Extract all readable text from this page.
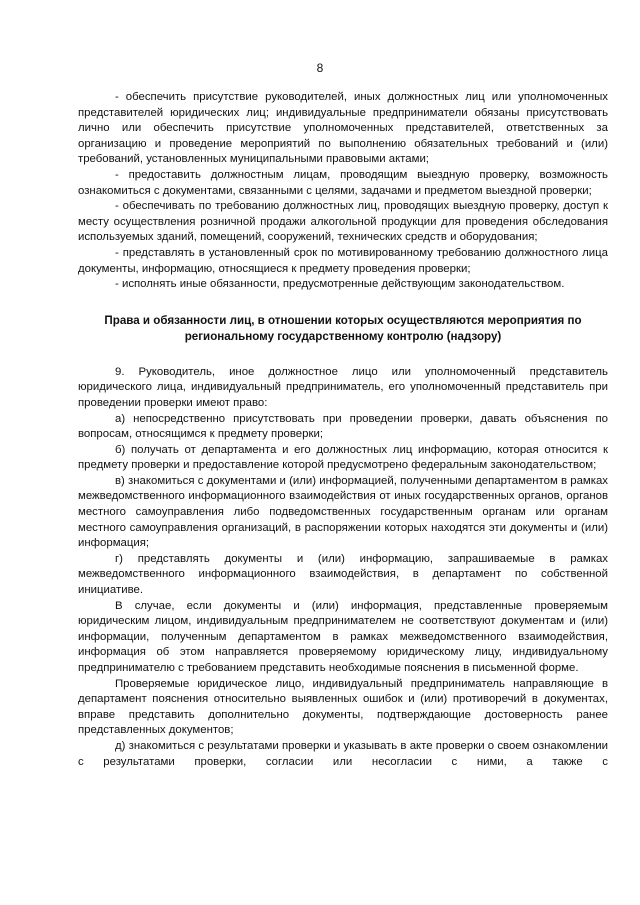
8

- обеспечить присутствие руководителей, иных должностных лиц или уполномоченных представителей юридических лиц; индивидуальные предприниматели обязаны присутствовать лично или обеспечить присутствие уполномоченных представителей, ответственных за организацию и проведение мероприятий по выполнению обязательных требований и (или) требований, установленных муниципальными правовыми актами;

- предоставить должностным лицам, проводящим выездную проверку, возможность ознакомиться с документами, связанными с целями, задачами и предметом выездной проверки;

- обеспечивать по требованию должностных лиц, проводящих выездную проверку, доступ к месту осуществления розничной продажи алкогольной продукции для проведения обследования используемых зданий, помещений, сооружений, технических средств и оборудования;

- представлять в установленный срок по мотивированному требованию должностного лица документы, информацию, относящиеся к предмету проведения проверки;

- исполнять иные обязанности, предусмотренные действующим законодательством.

Права и обязанности лиц, в отношении которых осуществляются мероприятия по региональному государственному контролю (надзору)

9. Руководитель, иное должностное лицо или уполномоченный представитель юридического лица, индивидуальный предприниматель, его уполномоченный представитель при проведении проверки имеют право:

а) непосредственно присутствовать при проведении проверки, давать объяснения по вопросам, относящимся к предмету проверки;

б) получать от департамента и его должностных лиц информацию, которая относится к предмету проверки и предоставление которой предусмотрено федеральным законодательством;

в) знакомиться с документами и (или) информацией, полученными департаментом в рамках межведомственного информационного взаимодействия от иных государственных органов, органов местного самоуправления либо подведомственных государственным органам или органам местного самоуправления организаций, в распоряжении которых находятся эти документы и (или) информация;

г) представлять документы и (или) информацию, запрашиваемые в рамках межведомственного информационного взаимодействия, в департамент по собственной инициативе.

В случае, если документы и (или) информация, представленные проверяемым юридическим лицом, индивидуальным предпринимателем не соответствуют документам и (или) информации, полученным департаментом в рамках межведомственного взаимодействия, информация об этом направляется проверяемому юридическому лицу, индивидуальному предпринимателю с требованием представить необходимые пояснения в письменной форме.

Проверяемые юридическое лицо, индивидуальный предприниматель направляющие в департамент пояснения относительно выявленных ошибок и (или) противоречий в документах, вправе представить дополнительно документы, подтверждающие достоверность ранее представленных документов;

д) знакомиться с результатами проверки и указывать в акте проверки о своем ознакомлении с результатами проверки, согласии или несогласии с ними, а также с
